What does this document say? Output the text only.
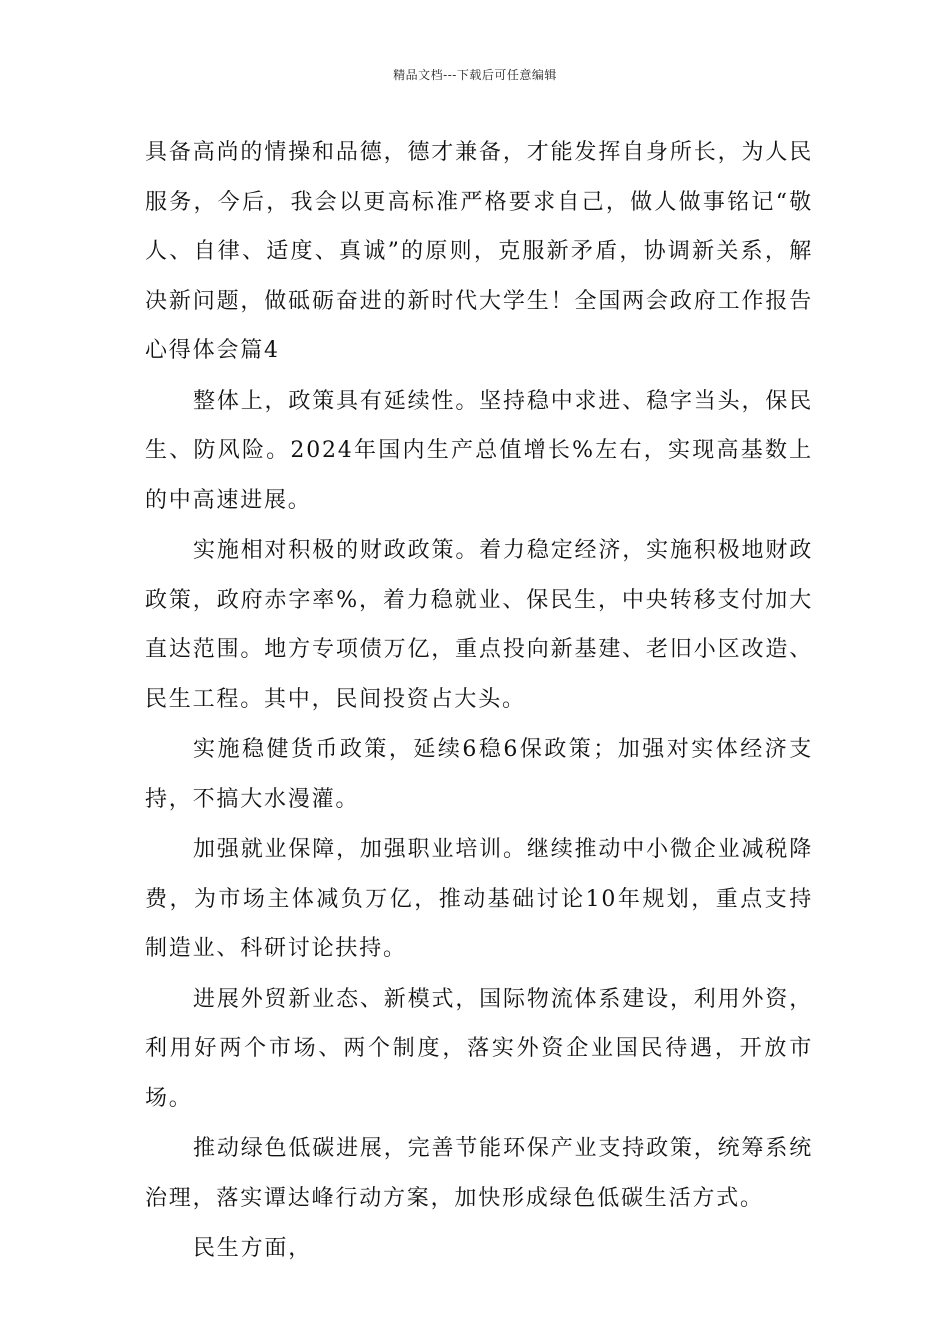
精品文档---下载后可任意编辑

具备高尚的情操和品德，德才兼备，才能发挥自身所长，为人民服务，今后，我会以更高标准严格要求自己，做人做事铭记“敬人、自律、适度、真诚”的原则，克服新矛盾，协调新关系，解决新问题，做砥砺奋进的新时代大学生！全国两会政府工作报告心得体会篇4

整体上，政策具有延续性。坚持稳中求进、稳字当头，保民生、防风险。2024年国内生产总值增长%左右，实现高基数上的中高速进展。

实施相对积极的财政政策。着力稳定经济，实施积极地财政政策，政府赤字率%，着力稳就业、保民生，中央转移支付加大直达范围。地方专项债万亿，重点投向新基建、老旧小区改造、民生工程。其中，民间投资占大头。

实施稳健货币政策，延续6稳6保政策；加强对实体经济支持，不搞大水漫灌。

加强就业保障，加强职业培训。继续推动中小微企业减税降费，为市场主体减负万亿，推动基础讨论10年规划，重点支持制造业、科研讨论扶持。

进展外贸新业态、新模式，国际物流体系建设，利用外资，利用好两个市场、两个制度，落实外资企业国民待遇，开放市场。

推动绿色低碳进展，完善节能环保产业支持政策，统筹系统治理，落实谭达峰行动方案，加快形成绿色低碳生活方式。

民生方面，
